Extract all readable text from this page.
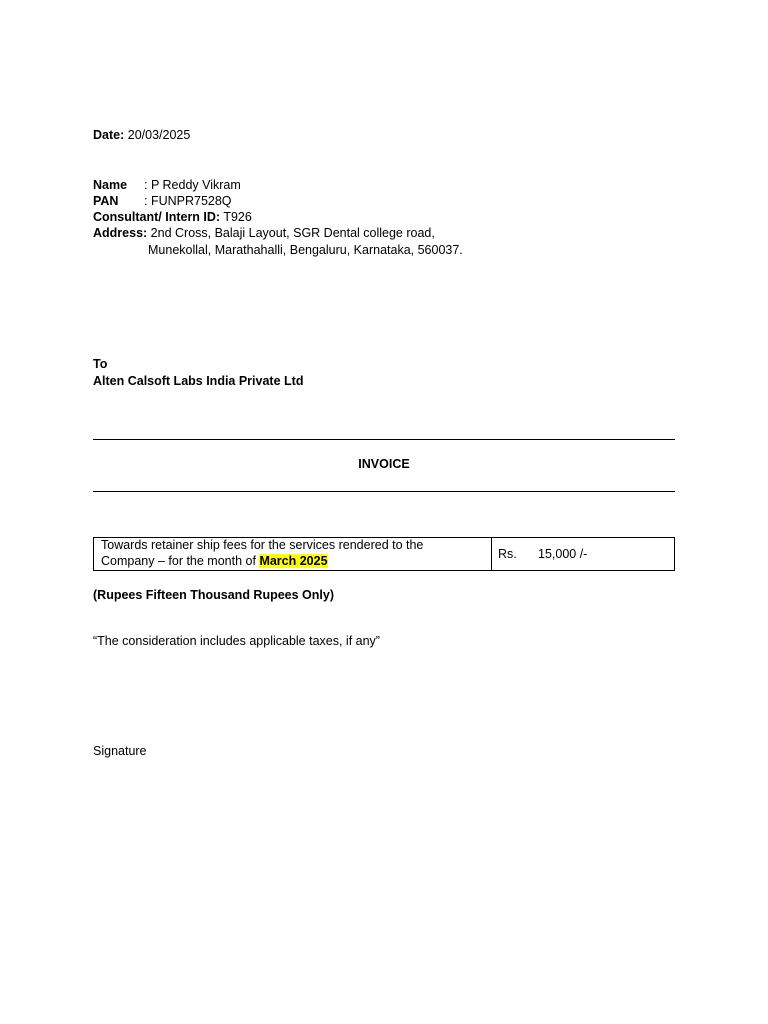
Date: 20/03/2025
Name : P Reddy Vikram
PAN : FUNPR7528Q
Consultant/ Intern ID: T926
Address: 2nd Cross, Balaji Layout, SGR Dental college road,
Munekollal, Marathahalli, Bengaluru, Karnataka, 560037.
To
Alten Calsoft Labs India Private Ltd
INVOICE
Towards retainer ship fees for the services rendered to the
Company – for the month of March 2025	Rs. 15,000 /-
(Rupees Fifteen Thousand Rupees Only)
“The consideration includes applicable taxes, if any”
Signature
